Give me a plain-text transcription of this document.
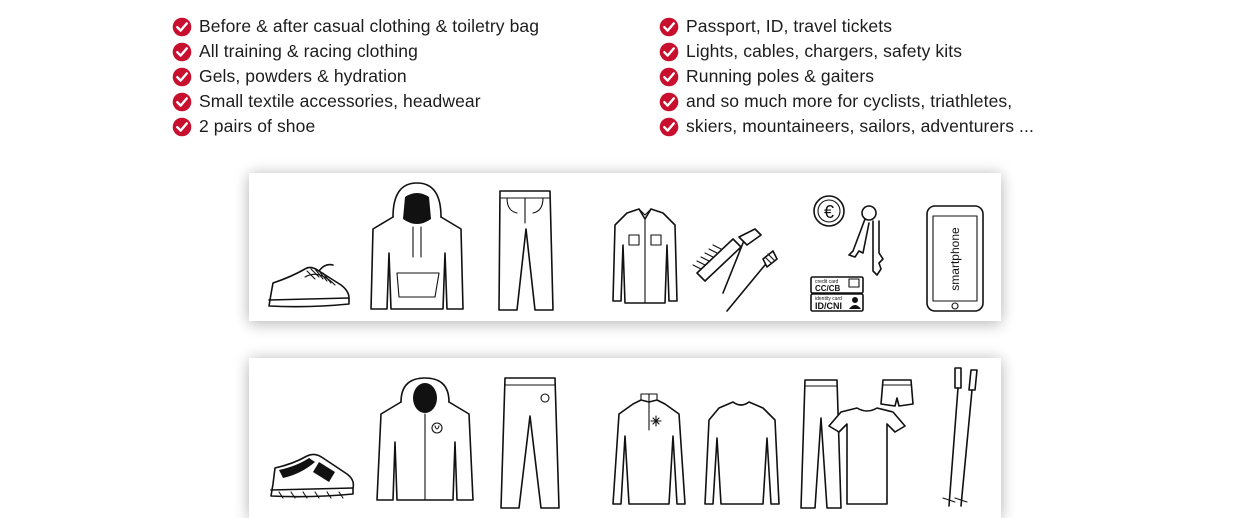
Before & after casual clothing & toiletry bag
All training & racing clothing
Gels, powders & hydration
Small textile accessories, headwear
2 pairs of shoe
Passport, ID, travel tickets
Lights, cables, chargers, safety kits
Running poles & gaiters
and so much more for cyclists, triathletes,
skiers, mountaineers, sailors, adventurers ...
€
credit card
CC/CB
identity card
ID/CNI
smartphone
